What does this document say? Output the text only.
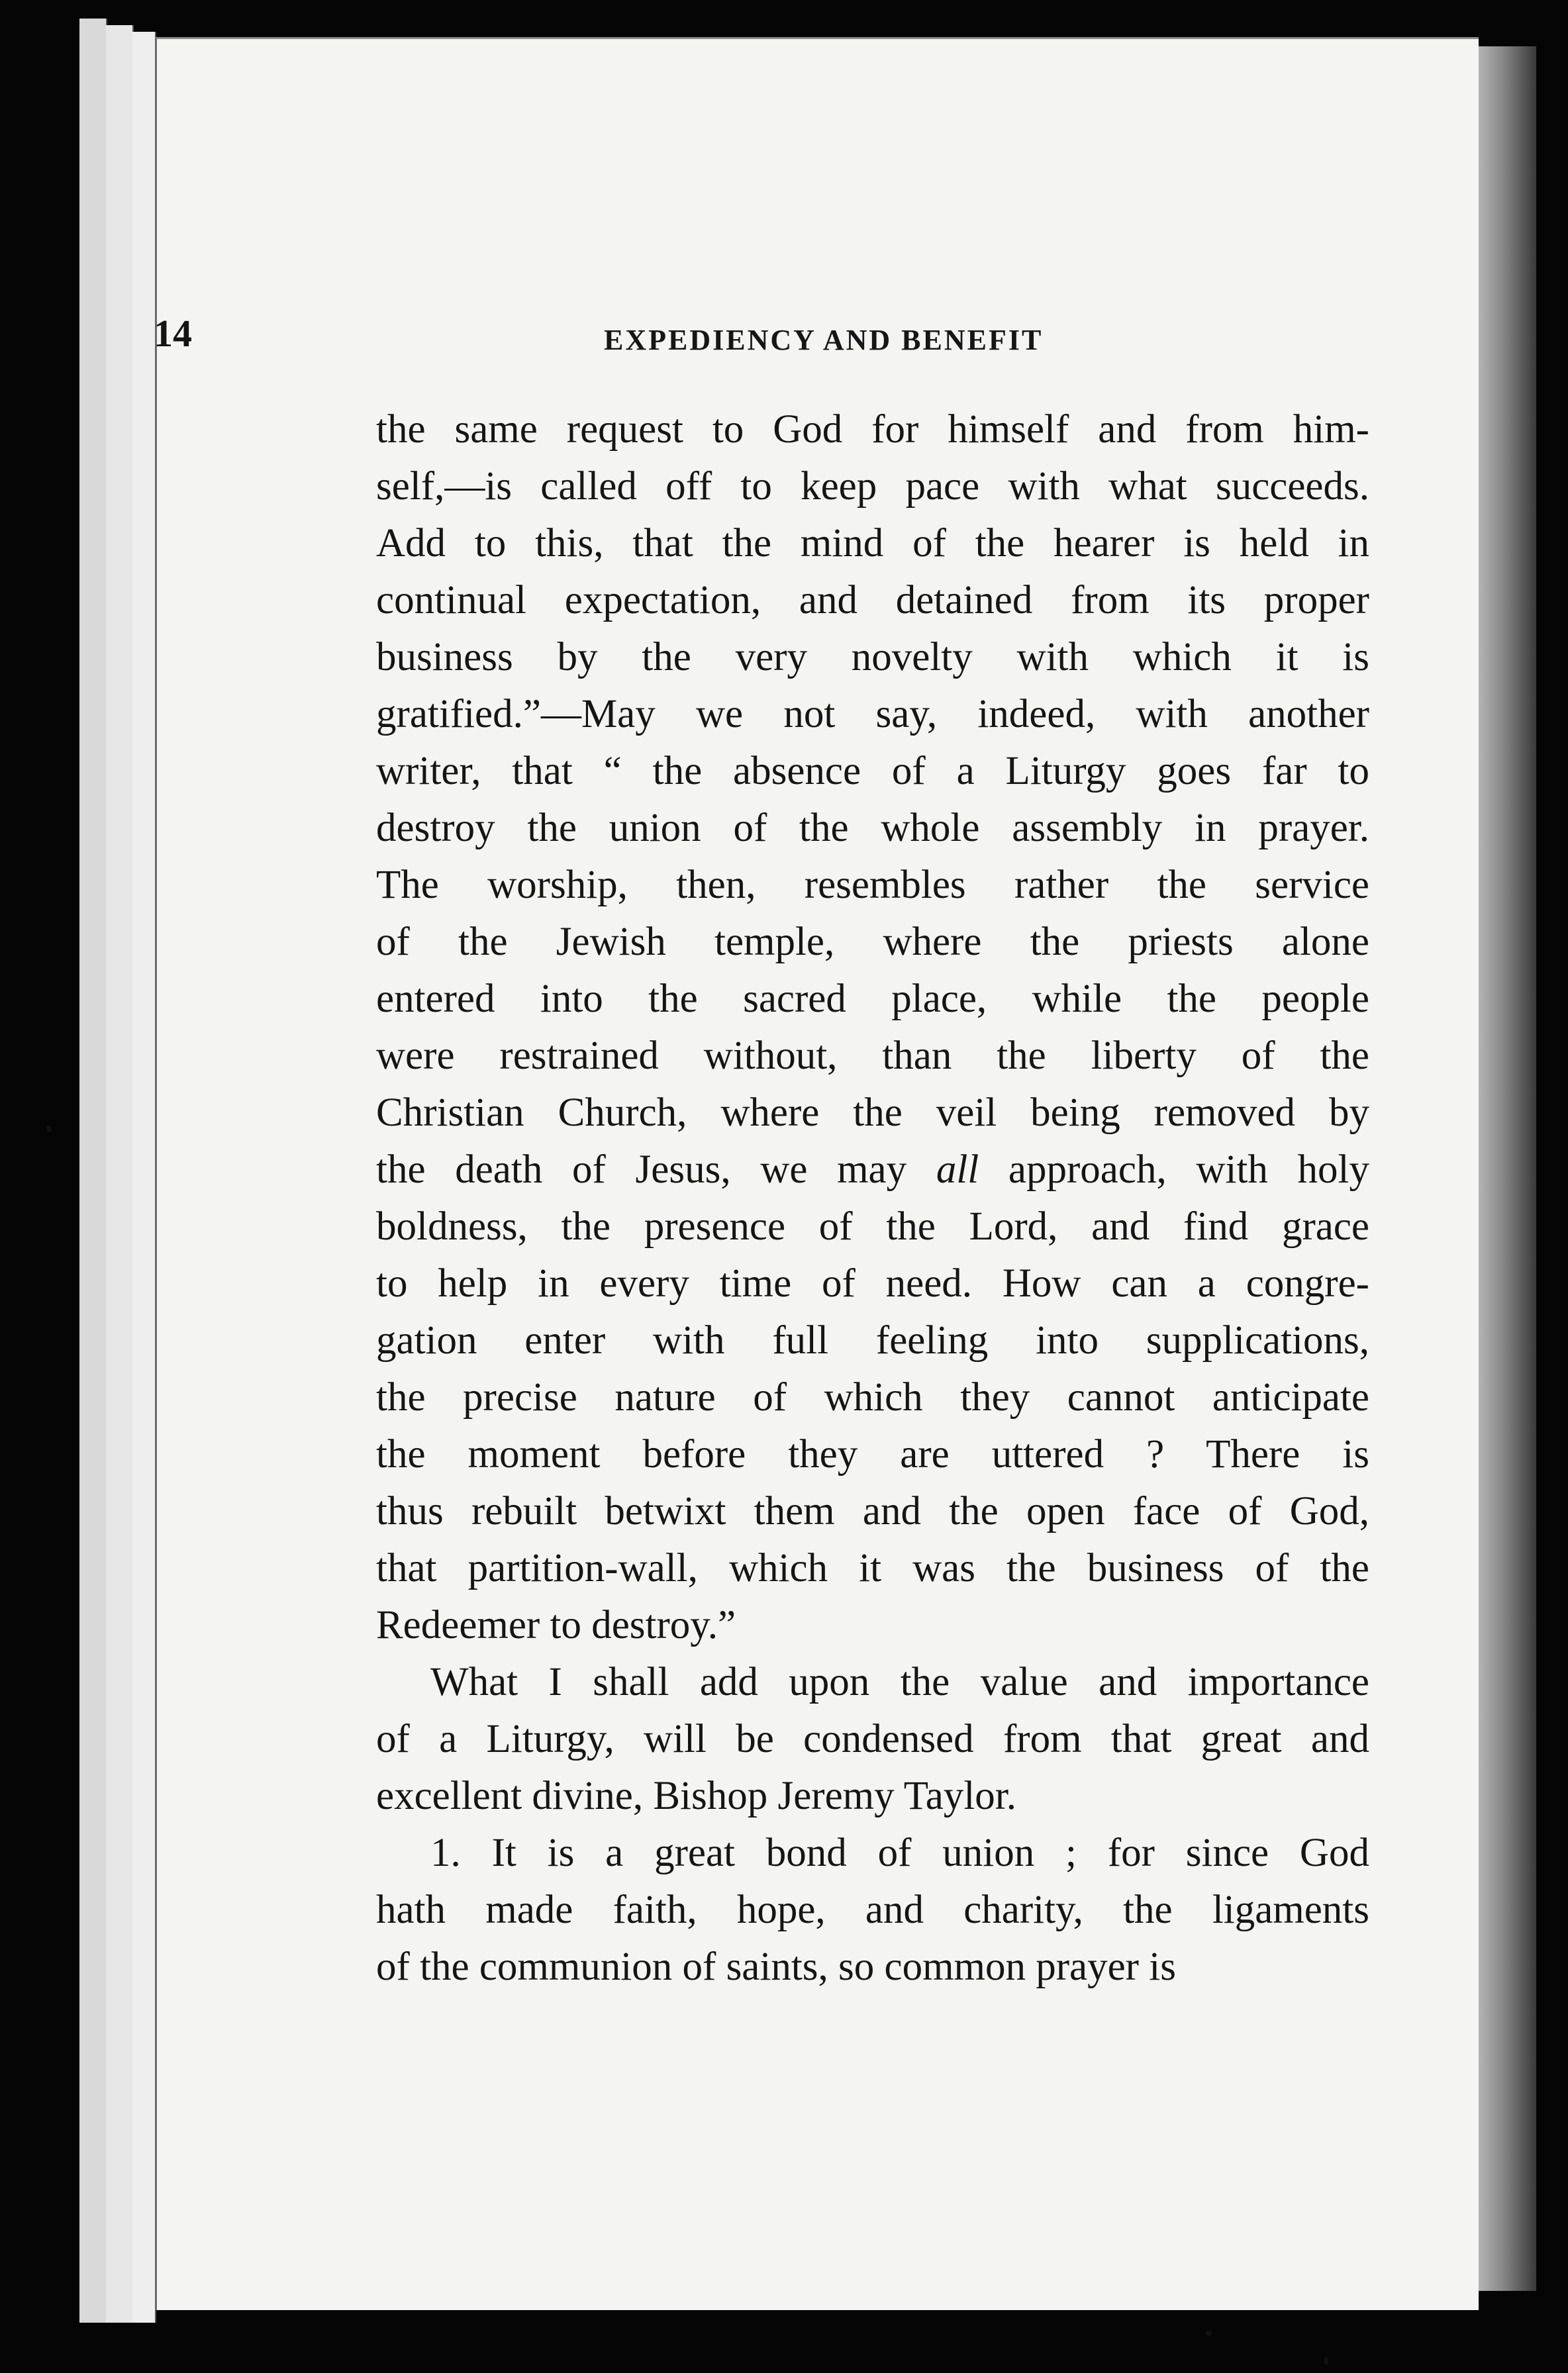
14	EXPEDIENCY AND BENEFIT
the same request to God for himself and from him-
self,—is called off to keep pace with what succeeds.
Add to this, that the mind of the hearer is held in
continual expectation, and detained from its proper
business by the very novelty with which it is
gratified.”—May we not say, indeed, with another
writer, that “ the absence of a Liturgy goes far to
destroy the union of the whole assembly in prayer.
The worship, then, resembles rather the service
of the Jewish temple, where the priests alone
entered into the sacred place, while the people
were restrained without, than the liberty of the
Christian Church, where the veil being removed by
the death of Jesus, we may all approach, with holy
boldness, the presence of the Lord, and find grace
to help in every time of need. How can a congre-
gation enter with full feeling into supplications,
the precise nature of which they cannot anticipate
the moment before they are uttered ? There is
thus rebuilt betwixt them and the open face of God,
that partition-wall, which it was the business of the
Redeemer to destroy.”
What I shall add upon the value and importance
of a Liturgy, will be condensed from that great and
excellent divine, Bishop Jeremy Taylor.
1. It is a great bond of union ; for since God
hath made faith, hope, and charity, the ligaments
of the communion of saints, so common prayer is
